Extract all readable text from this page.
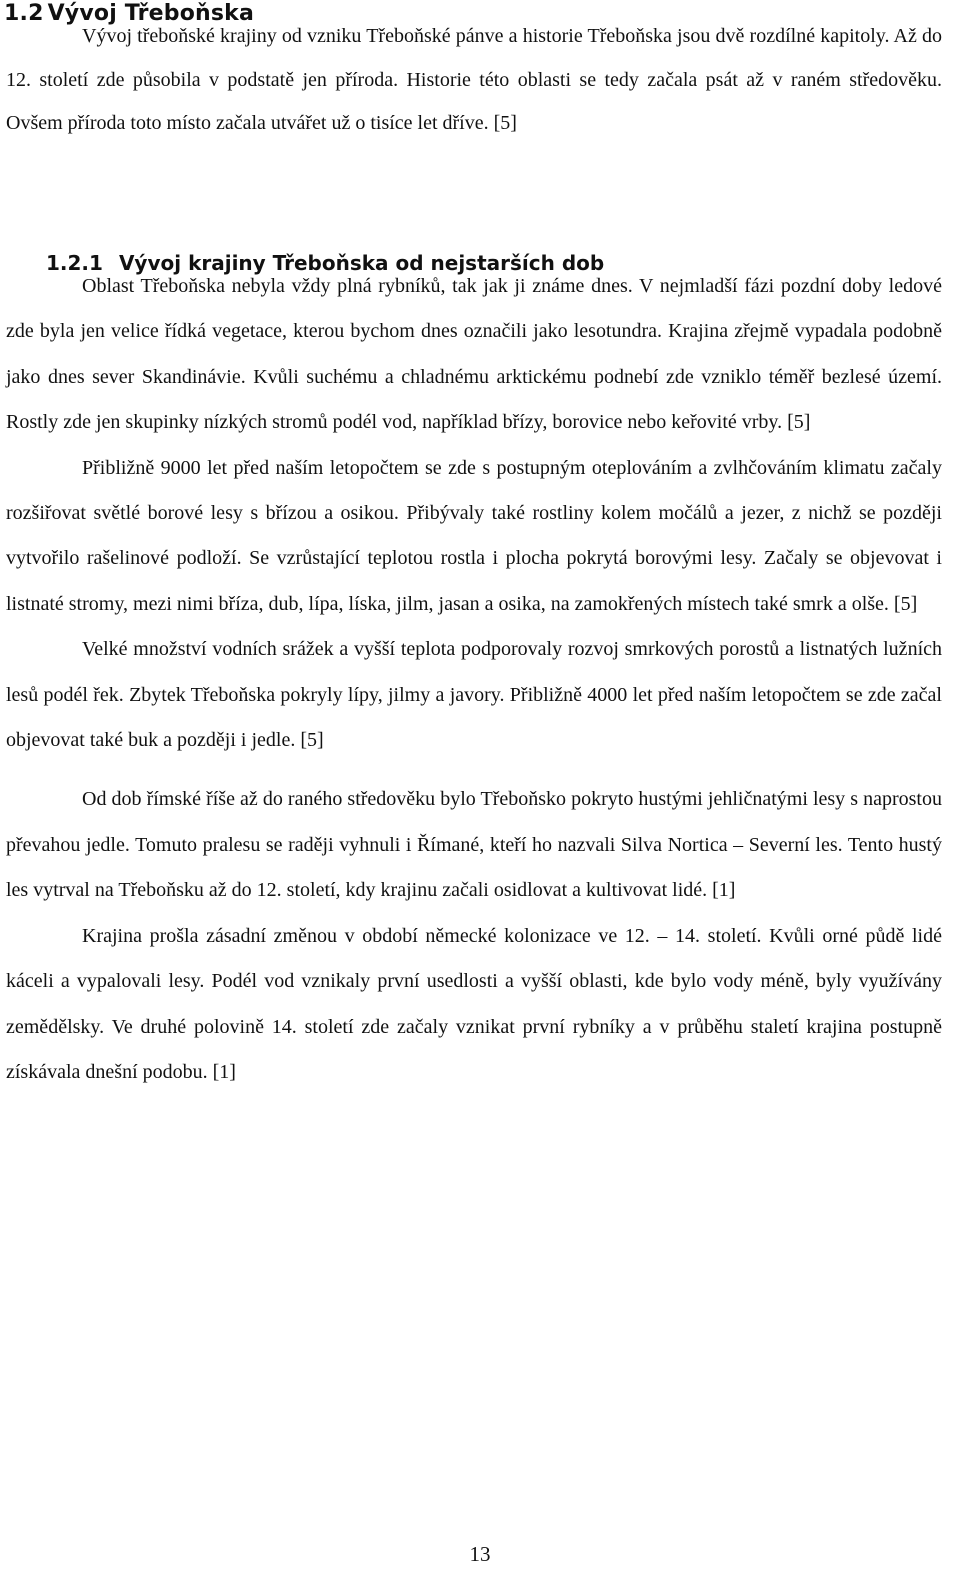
1.2 Vývoj Třeboňska

Vývoj třeboňské krajiny od vzniku Třeboňské pánve a historie Třeboňska jsou dvě rozdílné kapitoly. Až do 12. století zde působila v podstatě jen příroda. Historie této oblasti se tedy začala psát až v raném středověku. Ovšem příroda toto místo začala utvářet už o tisíce let dříve. [5]

1.2.1 Vývoj krajiny Třeboňska od nejstarších dob

Oblast Třeboňska nebyla vždy plná rybníků, tak jak ji známe dnes. V nejmladší fázi pozdní doby ledové zde byla jen velice řídká vegetace, kterou bychom dnes označili jako lesotundra. Krajina zřejmě vypadala podobně jako dnes sever Skandinávie. Kvůli suchému a chladnému arktickému podnebí zde vzniklo téměř bezlesé území. Rostly zde jen skupinky nízkých stromů podél vod, například břízy, borovice nebo keřovité vrby. [5]

Přibližně 9000 let před naším letopočtem se zde s postupným oteplováním a zvlhčováním klimatu začaly rozšiřovat světlé borové lesy s břízou a osikou. Přibývaly také rostliny kolem močálů a jezer, z nichž se později vytvořilo rašelinové podloží. Se vzrůstající teplotou rostla i plocha pokrytá borovými lesy. Začaly se objevovat i listnaté stromy, mezi nimi bříza, dub, lípa, líska, jilm, jasan a osika, na zamokřených místech také smrk a olše. [5]

Velké množství vodních srážek a vyšší teplota podporovaly rozvoj smrkových porostů a listnatých lužních lesů podél řek. Zbytek Třeboňska pokryly lípy, jilmy a javory. Přibližně 4000 let před naším letopočtem se zde začal objevovat také buk a později i jedle. [5]

Od dob římské říše až do raného středověku bylo Třeboňsko pokryto hustými jehličnatými lesy s naprostou převahou jedle. Tomuto pralesu se raději vyhnuli i Římané, kteří ho nazvali Silva Nortica – Severní les. Tento hustý les vytrval na Třeboňsku až do 12. století, kdy krajinu začali osidlovat a kultivovat lidé. [1]

Krajina prošla zásadní změnou v období německé kolonizace ve 12. – 14. století. Kvůli orné půdě lidé káceli a vypalovali lesy. Podél vod vznikaly první usedlosti a vyšší oblasti, kde bylo vody méně, byly využívány zemědělsky. Ve druhé polovině 14. století zde začaly vznikat první rybníky a v průběhu staletí krajina postupně získávala dnešní podobu. [1]

13
